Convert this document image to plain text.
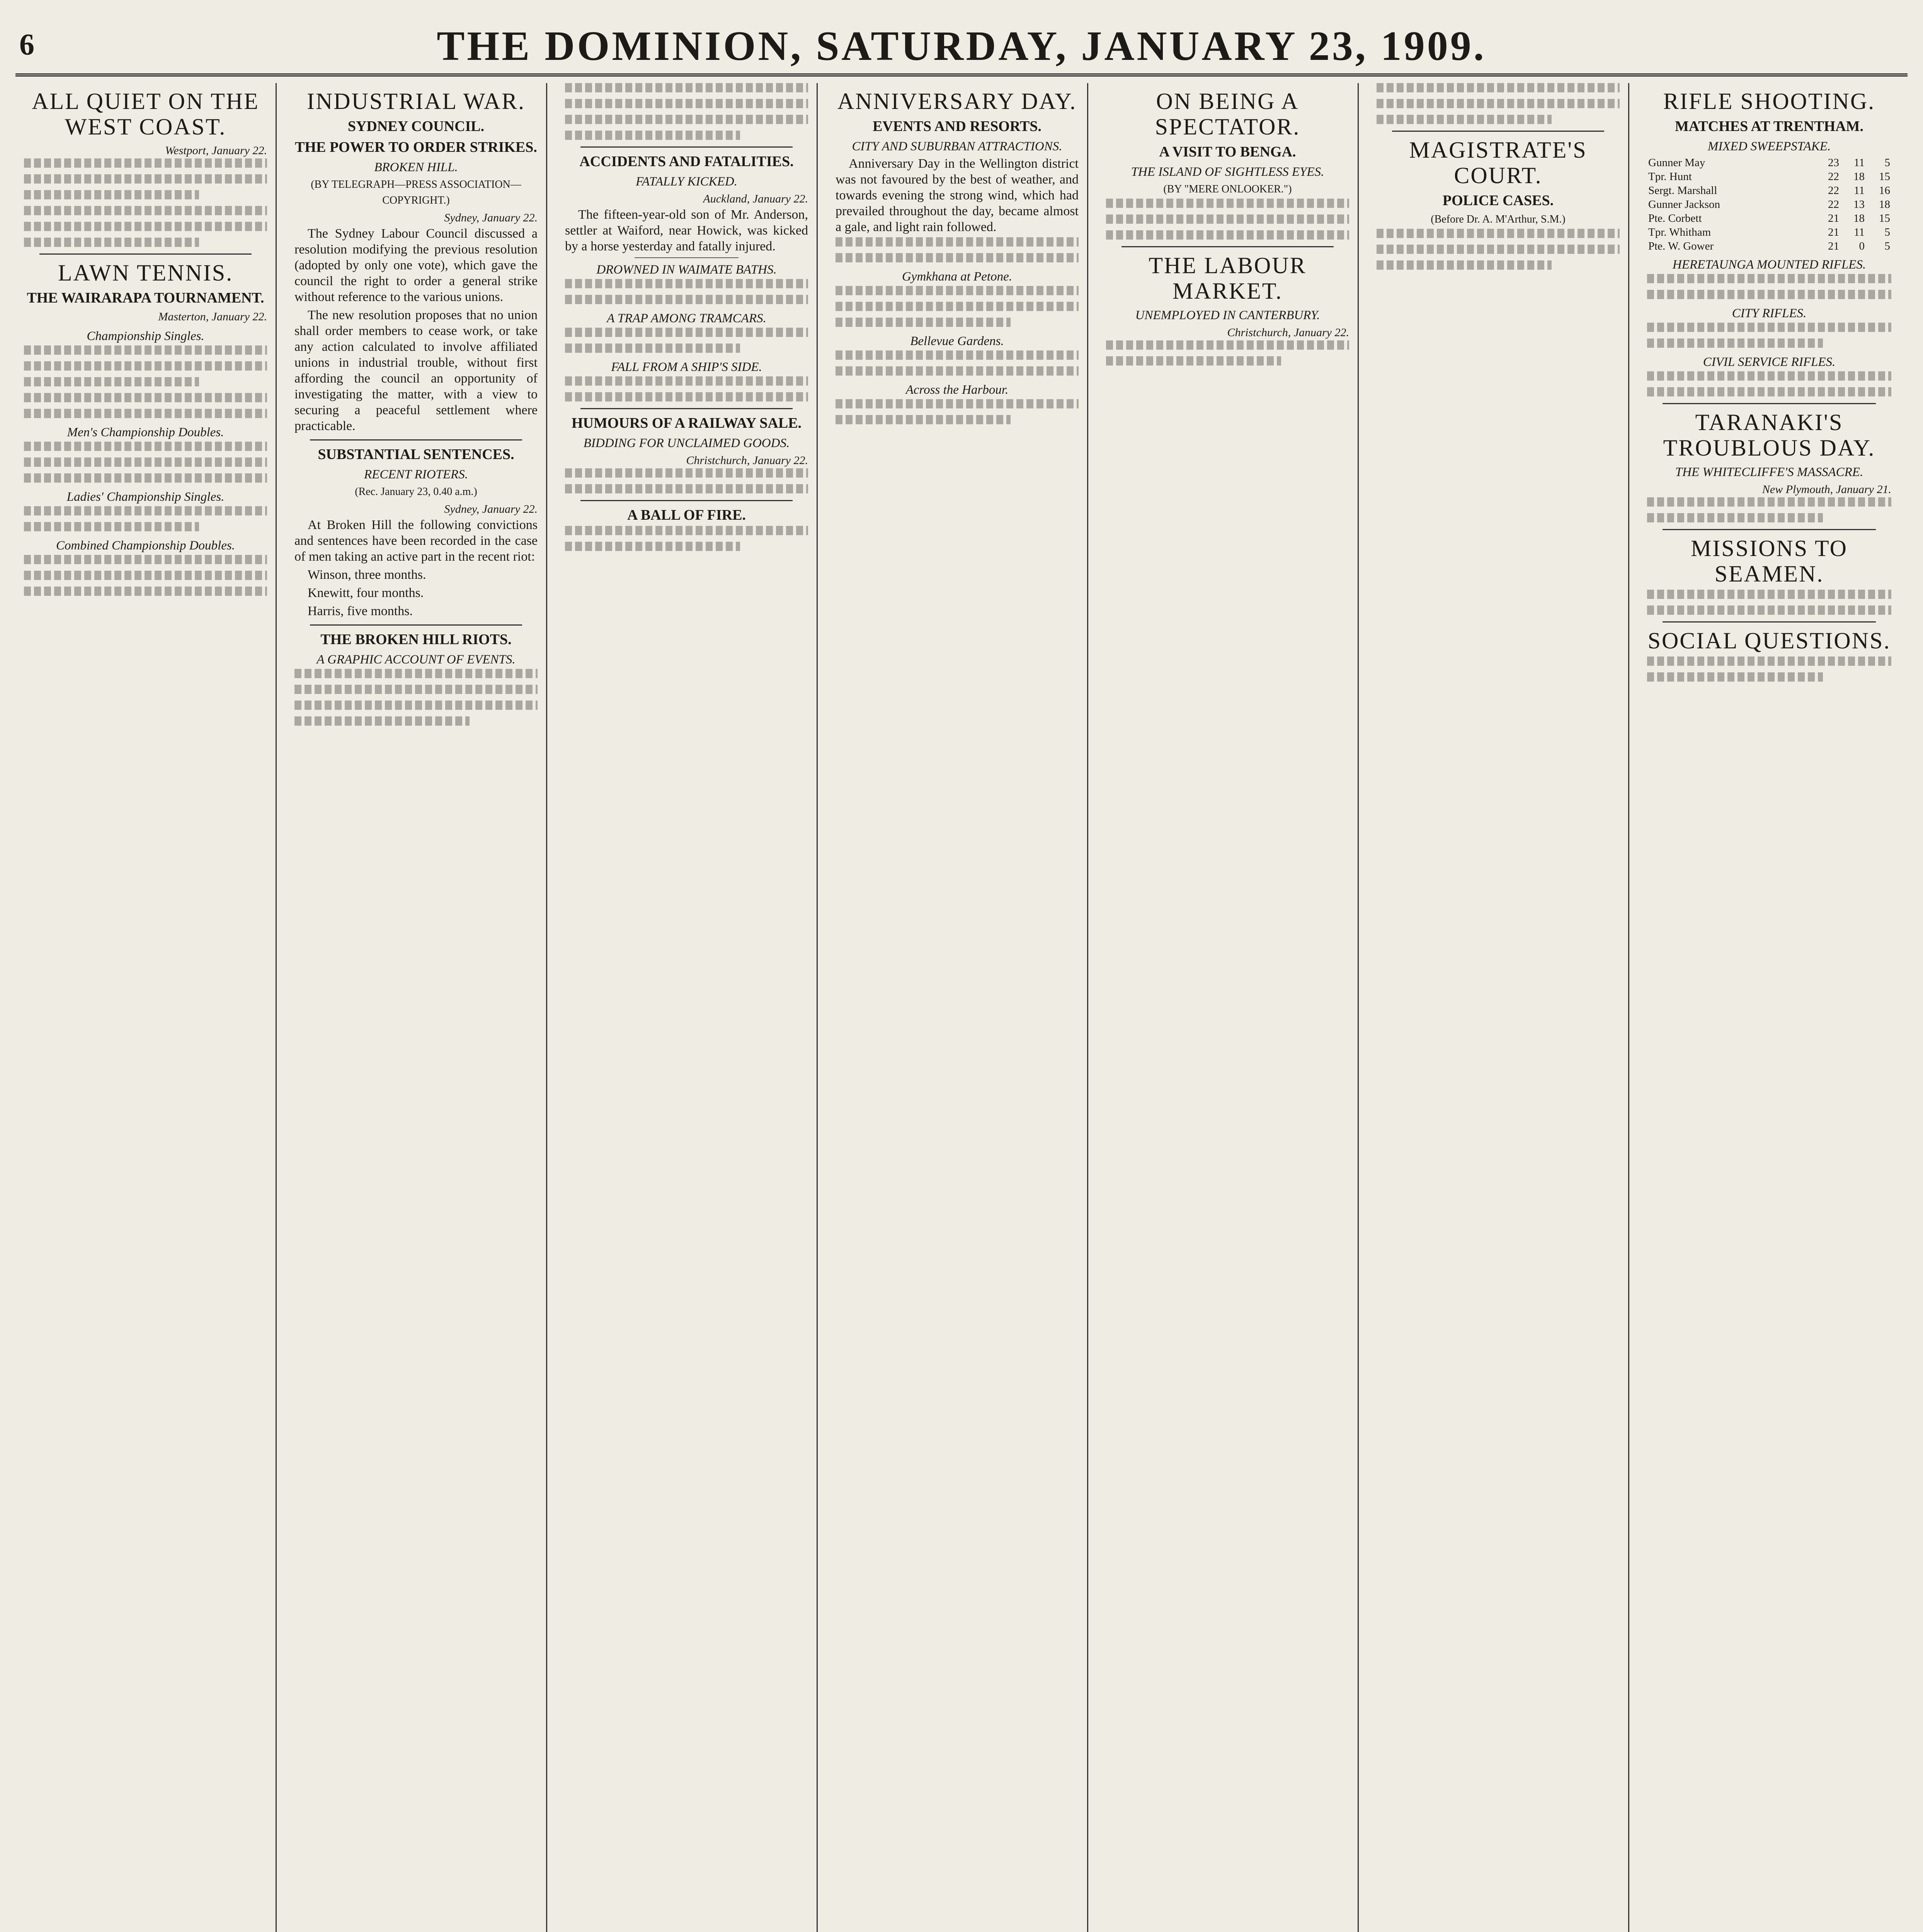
6	THE DOMINION, SATURDAY, JANUARY 23, 1909.
ALL QUIET ON THE WEST COAST.
Westport, January 22.
LAWN TENNIS.
THE WAIRARAPA TOURNAMENT.
Masterton, January 22.
Championship Singles.
Men's Championship Doubles.
Ladies' Championship Singles.
Combined Championship Doubles.
INDUSTRIAL WAR.
SYDNEY COUNCIL.
THE POWER TO ORDER STRIKES.
BROKEN HILL.
(BY TELEGRAPH—PRESS ASSOCIATION—COPYRIGHT.)
Sydney, January 22.

The Sydney Labour Council discussed a resolution modifying the previous resolution (adopted by only one vote), which gave the council the right to order a general strike without reference to the various unions.

The new resolution proposes that no union shall order members to cease work, or take any action calculated to involve affiliated unions in industrial trouble, without first affording the council an opportunity of investigating the matter, with a view to securing a peaceful settlement where practicable.

SUBSTANTIAL SENTENCES.
RECENT RIOTERS.
(Rec. January 23, 0.40 a.m.)
Sydney, January 22.

At Broken Hill the following convictions and sentences have been recorded in the case of men taking an active part in the recent riot:

Winson, three months.

Knewitt, four months.

Harris, five months.

THE BROKEN HILL RIOTS.
A GRAPHIC ACCOUNT OF EVENTS.
ACCIDENTS AND FATALITIES.
FATALLY KICKED.
Auckland, January 22.

The fifteen-year-old son of Mr. Anderson, settler at Waiford, near Howick, was kicked by a horse yesterday and fatally injured.

DROWNED IN WAIMATE BATHS.
A TRAP AMONG TRAMCARS.
FALL FROM A SHIP'S SIDE.
HUMOURS OF A RAILWAY SALE.
BIDDING FOR UNCLAIMED GOODS.
Christchurch, January 22.
A BALL OF FIRE.
ANNIVERSARY DAY.
EVENTS AND RESORTS.
CITY AND SUBURBAN ATTRACTIONS.

Anniversary Day in the Wellington district was not favoured by the best of weather, and towards evening the strong wind, which had prevailed throughout the day, became almost a gale, and light rain followed.

Gymkhana at Petone.
Bellevue Gardens.
Across the Harbour.
ON BEING A SPECTATOR.
A VISIT TO BENGA.
THE ISLAND OF SIGHTLESS EYES.
(BY "MERE ONLOOKER.")
THE LABOUR MARKET.
UNEMPLOYED IN CANTERBURY.
Christchurch, January 22.
MAGISTRATE'S COURT.
POLICE CASES.
(Before Dr. A. M'Arthur, S.M.)
RIFLE SHOOTING.
MATCHES AT TRENTHAM.
MIXED SWEEPSTAKE.
Gunner May	23	11	5
Tpr. Hunt	22	18	15
Sergt. Marshall	22	11	16
Gunner Jackson	22	13	18
Pte. Corbett	21	18	15
Tpr. Whitham	21	11	5
Pte. W. Gower	21	0	5
HERETAUNGA MOUNTED RIFLES.
CITY RIFLES.
CIVIL SERVICE RIFLES.
TARANAKI'S TROUBLOUS DAY.
THE WHITECLIFFE'S MASSACRE.
New Plymouth, January 21.
MISSIONS TO SEAMEN.
SOCIAL QUESTIONS.
